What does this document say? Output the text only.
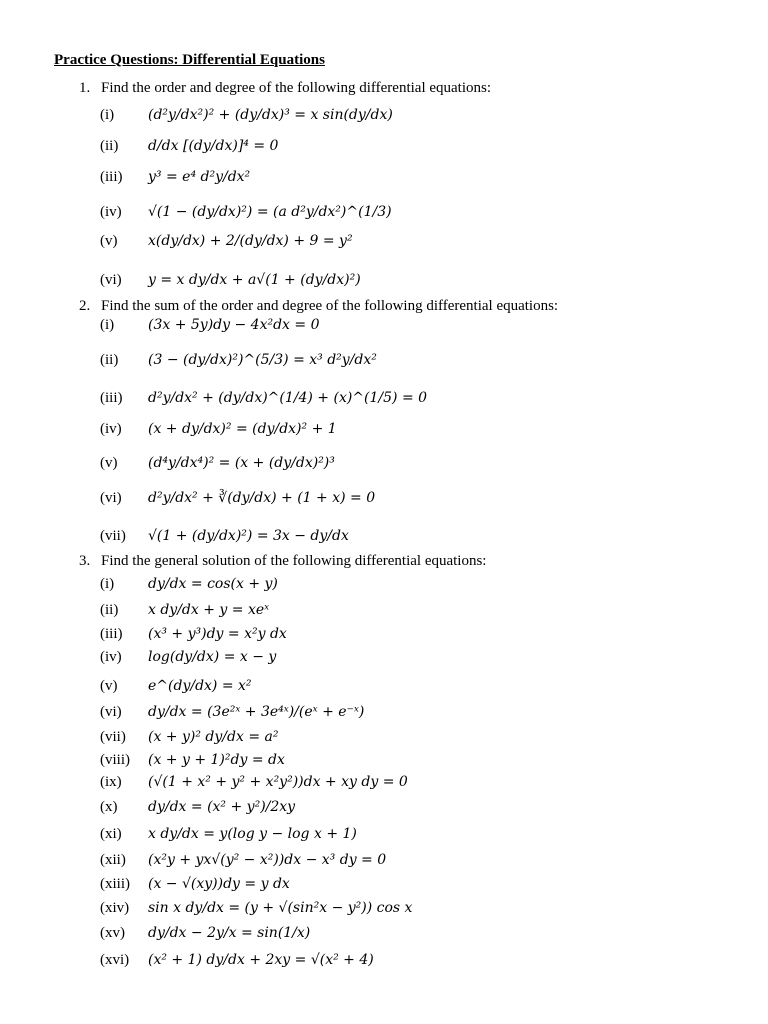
Practice Questions: Differential Equations
1. Find the order and degree of the following differential equations:
(i) (d²y/dx²)² + (dy/dx)³ = x sin(dy/dx)
(ii) d/dx [(dy/dx)]⁴ = 0
(iii) y³ = e⁴ d²y/dx²
(iv) √(1 − (dy/dx)²) = (a d²y/dx²)^(1/3)
(v) x(dy/dx) + 2/(dy/dx) + 9 = y²
(vi) y = x dy/dx + a√(1 + (dy/dx)²)
2. Find the sum of the order and degree of the following differential equations:
(i) (3x + 5y)dy − 4x²dx = 0
(ii) (3 − (dy/dx)²)^(5/3) = x³ d²y/dx²
(iii) d²y/dx² + (dy/dx)^(1/4) + (x)^(1/5) = 0
(iv) (x + dy/dx)² = (dy/dx)² + 1
(v) (d⁴y/dx⁴)² = (x + (dy/dx)²)³
(vi) d²y/dx² + ∛(dy/dx) + (1 + x) = 0
(vii) √(1 + (dy/dx)²) = 3x − dy/dx
3. Find the general solution of the following differential equations:
(i) dy/dx = cos(x + y)
(ii) x dy/dx + y = xeˣ
(iii) (x³ + y³)dy = x²y dx
(iv) log(dy/dx) = x − y
(v) e^(dy/dx) = x²
(vi) dy/dx = (3e²ˣ + 3e⁴ˣ)/(eˣ + e⁻ˣ)
(vii) (x + y)² dy/dx = a²
(viii) (x + y + 1)²dy = dx
(ix) (√(1 + x² + y² + x²y²))dx + xy dy = 0
(x) dy/dx = (x² + y²)/2xy
(xi) x dy/dx = y(log y − log x + 1)
(xii) (x²y + yx√(y² − x²))dx − x³ dy = 0
(xiii) (x − √(xy))dy = y dx
(xiv) sin x dy/dx = (y + √(sin²x − y²)) cos x
(xv) dy/dx − 2y/x = sin(1/x)
(xvi) (x² + 1) dy/dx + 2xy = √(x² + 4)
